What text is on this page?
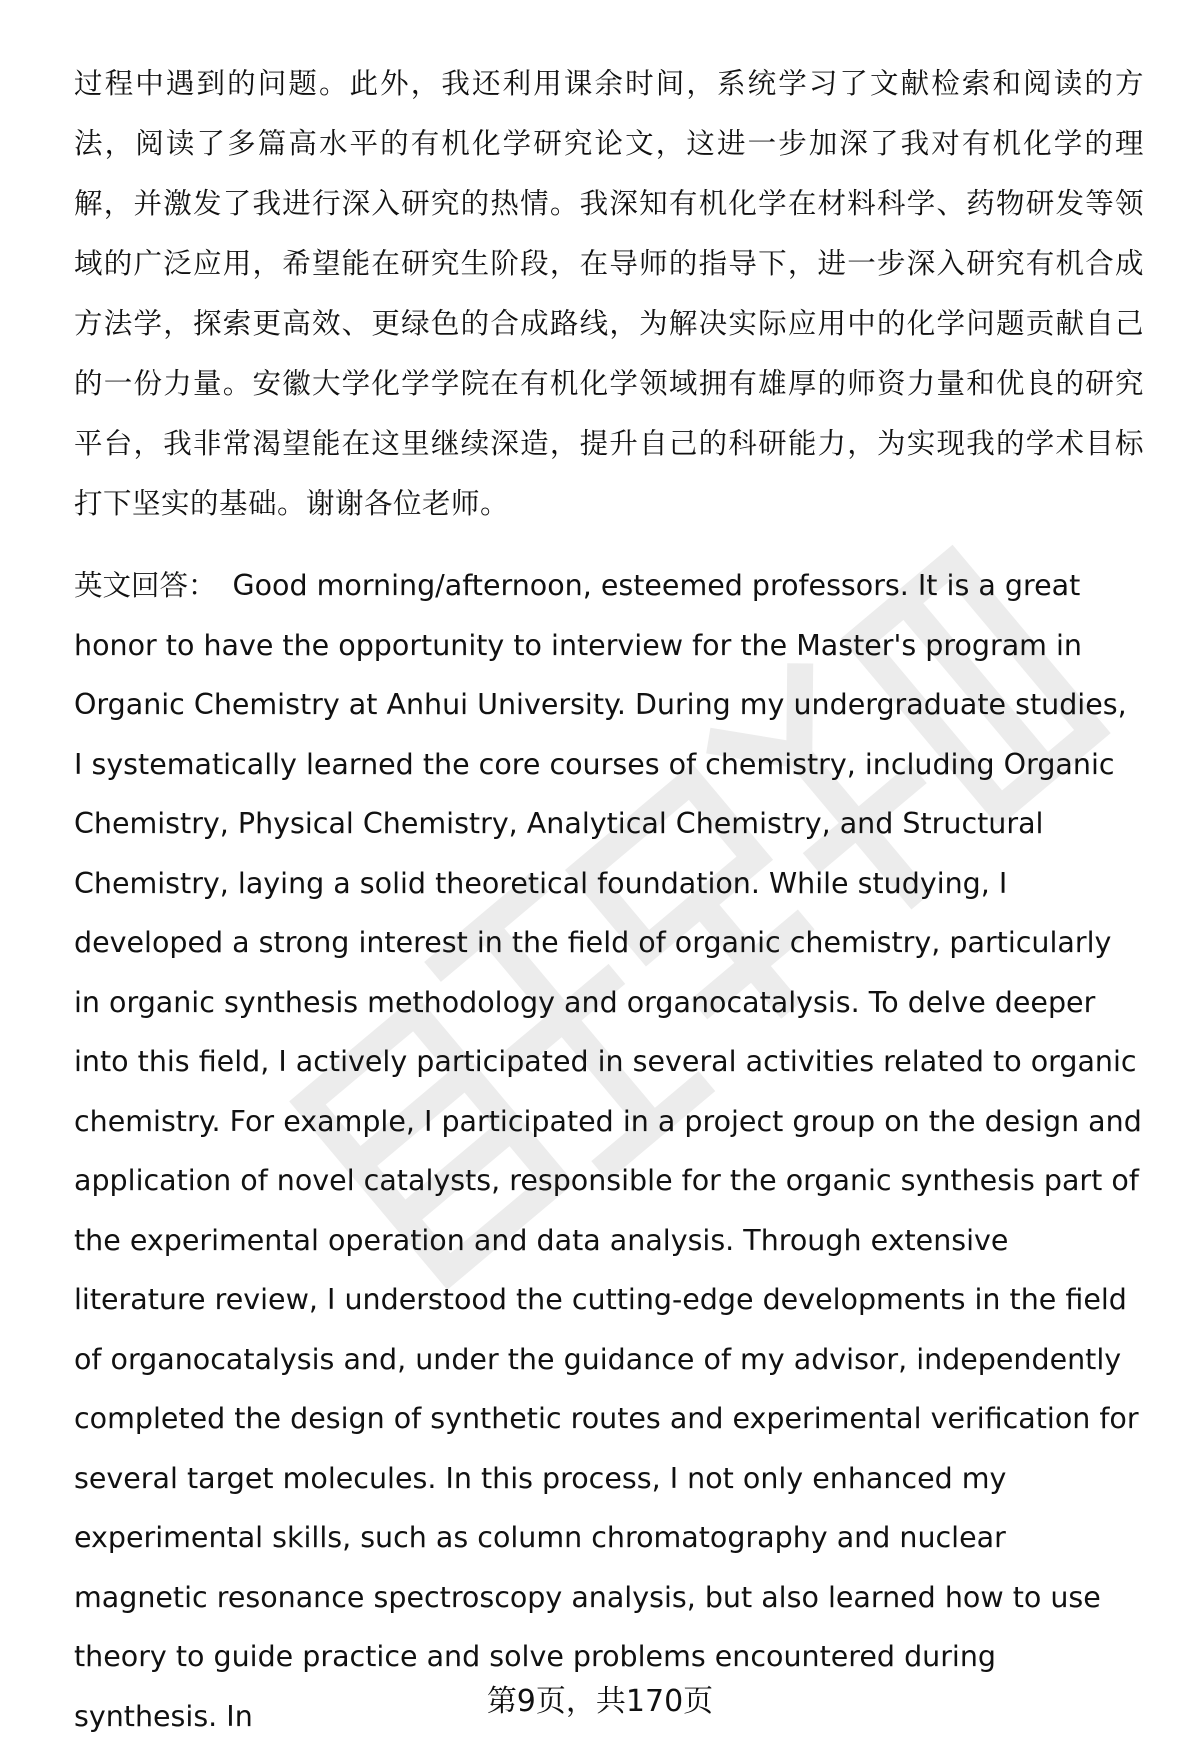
过程中遇到的问题。此外，我还利用课余时间，系统学习了文献检索和阅读的方法，阅读了多篇高水平的有机化学研究论文，这进一步加深了我对有机化学的理解，并激发了我进行深入研究的热情。我深知有机化学在材料科学、药物研发等领域的广泛应用，希望能在研究生阶段，在导师的指导下，进一步深入研究有机合成方法学，探索更高效、更绿色的合成路线，为解决实际应用中的化学问题贡献自己的一份力量。安徽大学化学学院在有机化学领域拥有雄厚的师资力量和优良的研究平台，我非常渴望能在这里继续深造，提升自己的科研能力，为实现我的学术目标打下坚实的基础。谢谢各位老师。

英文回答： Good morning/afternoon, esteemed professors. It is a great honor to have the opportunity to interview for the Master's program in Organic Chemistry at Anhui University. During my undergraduate studies, I systematically learned the core courses of chemistry, including Organic Chemistry, Physical Chemistry, Analytical Chemistry, and Structural Chemistry, laying a solid theoretical foundation. While studying, I developed a strong interest in the field of organic chemistry, particularly in organic synthesis methodology and organocatalysis. To delve deeper into this field, I actively participated in several activities related to organic chemistry. For example, I participated in a project group on the design and application of novel catalysts, responsible for the organic synthesis part of the experimental operation and data analysis. Through extensive literature review, I understood the cutting-edge developments in the field of organocatalysis and, under the guidance of my advisor, independently completed the design of synthetic routes and experimental verification for several target molecules. In this process, I not only enhanced my experimental skills, such as column chromatography and nuclear magnetic resonance spectroscopy analysis, but also learned how to use theory to guide practice and solve problems encountered during synthesis. In	第9页，共170页
